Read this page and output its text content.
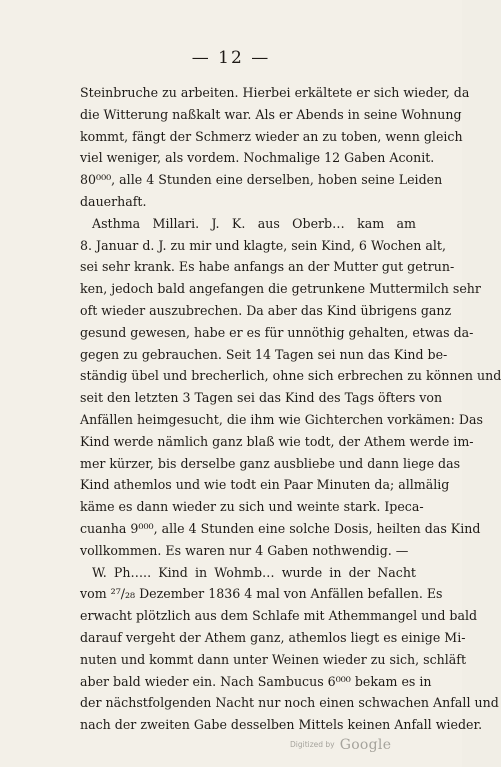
— 12 —
Steinbruche zu arbeiten. Hierbei erkältete er sich wieder, da
die Witterung naßkalt war. Als er Abends in seine Wohnung
kommt, fängt der Schmerz wieder an zu toben, wenn gleich
viel weniger, als vordem. Nochmalige 12 Gaben Aconit.
80⁰⁰⁰, alle 4 Stunden eine derselben, hoben seine Leiden
dauerhaft.
Asthma Millari. J. K. aus Oberb… kam am
8. Januar d. J. zu mir und klagte, sein Kind, 6 Wochen alt,
sei sehr krank. Es habe anfangs an der Mutter gut getrun-
ken, jedoch bald angefangen die getrunkene Muttermilch sehr
oft wieder auszubrechen. Da aber das Kind übrigens ganz
gesund gewesen, habe er es für unnöthig gehalten, etwas da-
gegen zu gebrauchen. Seit 14 Tagen sei nun das Kind be-
ständig übel und brecherlich, ohne sich erbrechen zu können und
seit den letzten 3 Tagen sei das Kind des Tags öfters von
Anfällen heimgesucht, die ihm wie Gichterchen vorkämen: Das
Kind werde nämlich ganz blaß wie todt, der Athem werde im-
mer kürzer, bis derselbe ganz ausbliebe und dann liege das
Kind athemlos und wie todt ein Paar Minuten da; allmälig
käme es dann wieder zu sich und weinte stark. Ipeca-
cuanha 9⁰⁰⁰, alle 4 Stunden eine solche Dosis, heilten das Kind
vollkommen. Es waren nur 4 Gaben nothwendig. —
W. Ph….. Kind in Wohmb… wurde in der Nacht
vom ²⁷/₂₈ Dezember 1836 4 mal von Anfällen befallen. Es
erwacht plötzlich aus dem Schlafe mit Athemmangel und bald
darauf vergeht der Athem ganz, athemlos liegt es einige Mi-
nuten und kommt dann unter Weinen wieder zu sich, schläft
aber bald wieder ein. Nach Sambucus 6⁰⁰⁰ bekam es in
der nächstfolgenden Nacht nur noch einen schwachen Anfall und
nach der zweiten Gabe desselben Mittels keinen Anfall wieder.
Digitized by Google
